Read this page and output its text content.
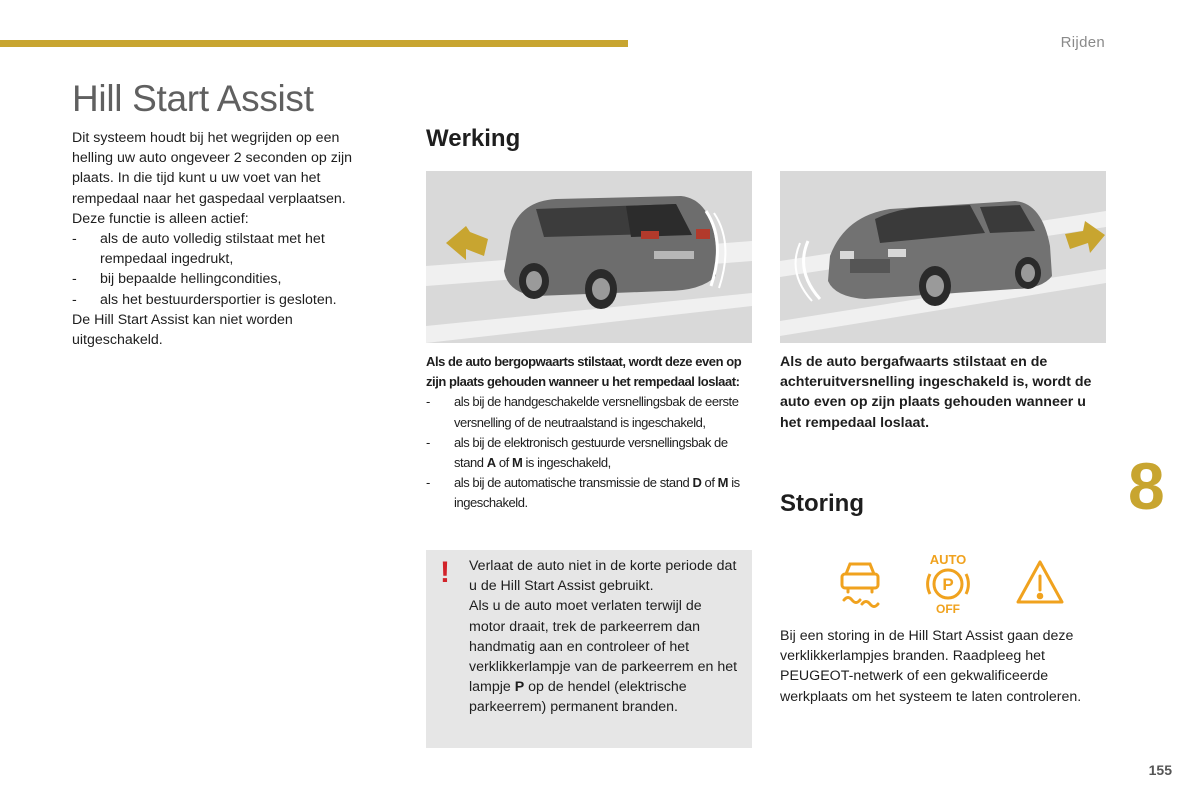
Rijden
Hill Start Assist

Dit systeem houdt bij het wegrijden op een helling uw auto ongeveer 2 seconden op zijn plaats. In die tijd kunt u uw voet van het rempedaal naar het gaspedaal verplaatsen.

Deze functie is alleen actief:

-	als de auto volledig stilstaat met het rempedaal ingedrukt,
-	bij bepaalde hellingcondities,
-	als het bestuurdersportier is gesloten.

De Hill Start Assist kan niet worden uitgeschakeld.

Werking
Als de auto bergopwaarts stilstaat, wordt deze even op zijn plaats gehouden wanneer u het rempedaal loslaat:
-	als bij de handgeschakelde versnellingsbak de eerste versnelling of de neutraalstand is ingeschakeld,
-	als bij de elektronisch gestuurde versnellingsbak de stand A of M is ingeschakeld,
-	als bij de automatische transmissie de stand D of M is ingeschakeld.
Als de auto bergafwaarts stilstaat en de achteruitversnelling ingeschakeld is, wordt de auto even op zijn plaats gehouden wanneer u het rempedaal loslaat.
! Verlaat de auto niet in de korte periode dat u de Hill Start Assist gebruikt.
Als u de auto moet verlaten terwijl de motor draait, trek de parkeerrem dan handmatig aan en controleer of het verklikkerlampje van de parkeerrem en het lampje P op de hendel (elektrische parkeerrem) permanent branden.
Storing
AUTO
P
OFF
Bij een storing in de Hill Start Assist gaan deze verklikkerlampjes branden. Raadpleeg het PEUGEOT-netwerk of een gekwalificeerde werkplaats om het systeem te laten controleren.
8
155
